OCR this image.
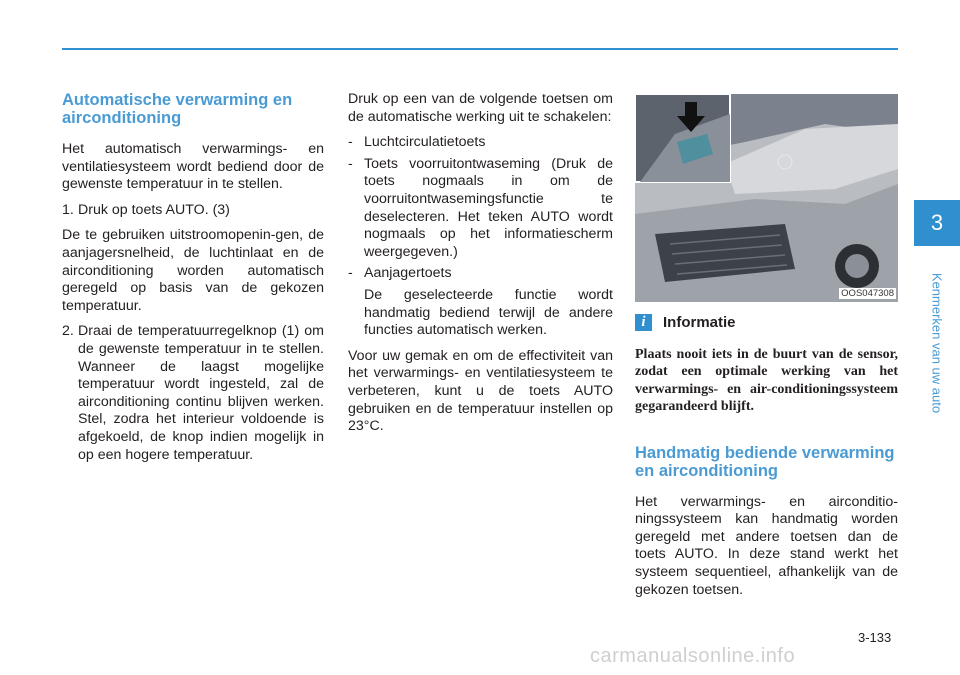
Automatische verwarming en airconditioning

Het automatisch verwarmings- en ventilatiesysteem wordt bediend door de gewenste temperatuur in te stellen.

1. Druk op toets AUTO. (3)

De te gebruiken uitstroomopenin-gen, de aanjagersnelheid, de luchtinlaat en de airconditioning worden automatisch geregeld op basis van de gekozen temperatuur.

2. Draai de temperatuurregelknop (1) om de gewenste temperatuur in te stellen. Wanneer de laagst mogelijke temperatuur wordt ingesteld, zal de airconditioning continu blijven werken. Stel, zodra het interieur voldoende is afgekoeld, de knop indien mogelijk in op een hogere temperatuur.

Druk op een van de volgende toetsen om de automatische werking uit te schakelen:

- Luchtcirculatietoets
- Toets voorruitontwaseming (Druk de toets nogmaals in om de voorruitontwasemingsfunctie te deselecteren. Het teken AUTO wordt nogmaals op het informatiescherm weergegeven.)
- Aanjagertoets

De geselecteerde functie wordt handmatig bediend terwijl de andere functies automatisch werken.

Voor uw gemak en om de effectiviteit van het verwarmings- en ventilatiesysteem te verbeteren, kunt u de toets AUTO gebruiken en de temperatuur instellen op 23°C.

OOS047308
i	Informatie

Plaats nooit iets in de buurt van de sensor, zodat een optimale werking van het verwarmings- en air-conditioningssysteem gegarandeerd blijft.

Handmatig bediende verwarming en airconditioning

Het verwarmings- en airconditio-ningssysteem kan handmatig worden geregeld met andere toetsen dan de toets AUTO. In deze stand werkt het systeem sequentieel, afhankelijk van de gekozen toetsen.

3
Kenmerken van uw auto
3-133
carmanualsonline.info
